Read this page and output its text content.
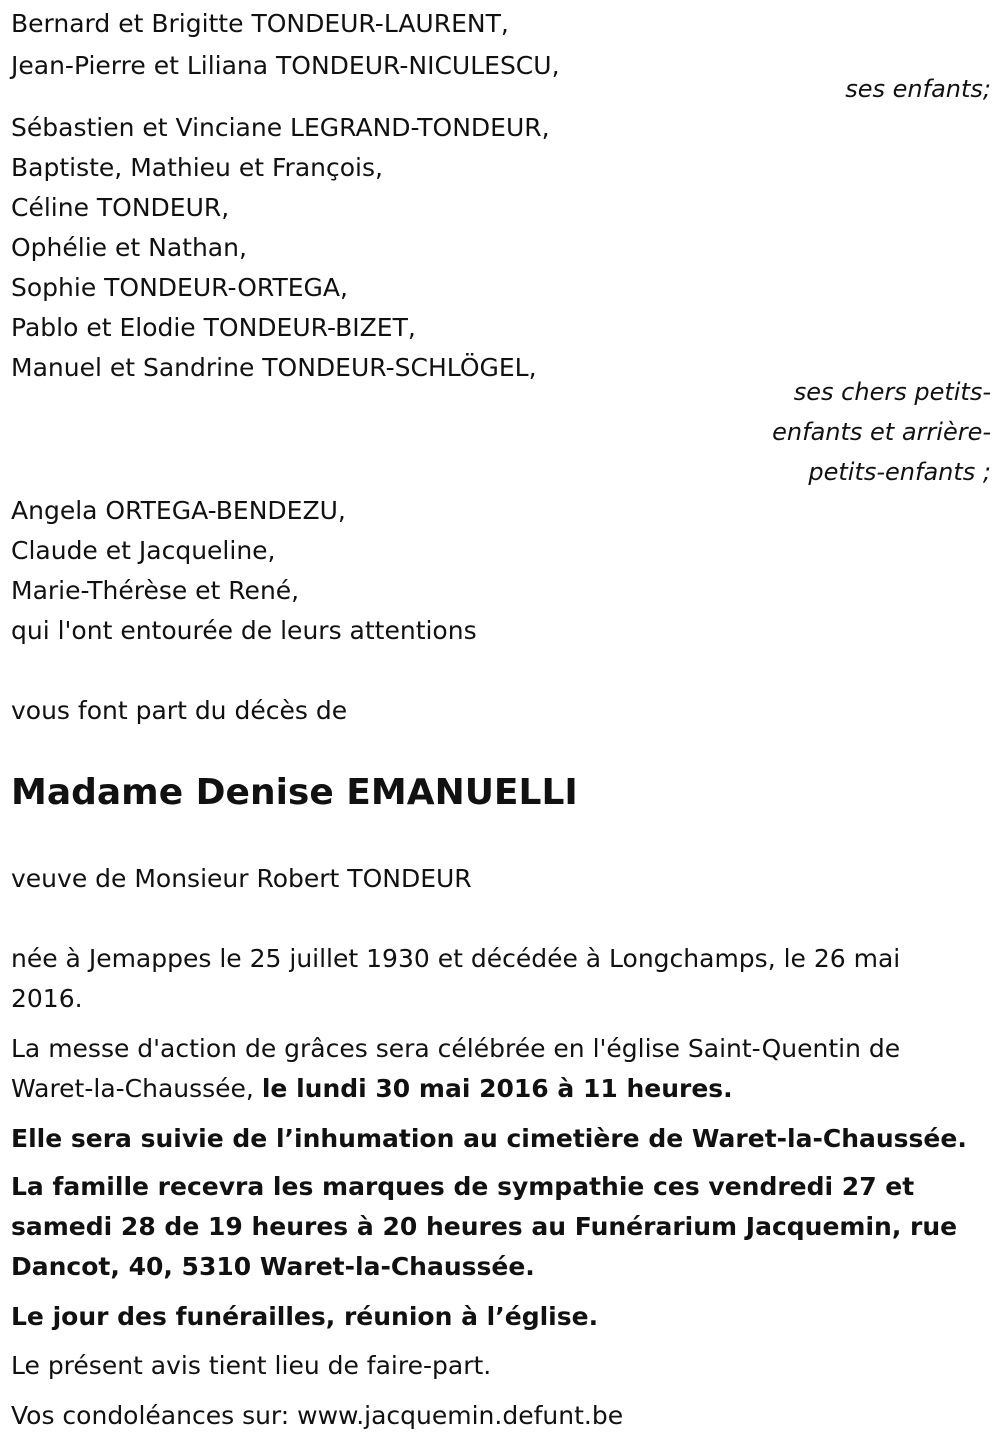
Bernard et Brigitte TONDEUR-LAURENT,
Jean-Pierre et Liliana TONDEUR-NICULESCU,
ses enfants;
Sébastien et Vinciane LEGRAND-TONDEUR,
Baptiste, Mathieu et François,
Céline TONDEUR,
Ophélie et Nathan,
Sophie TONDEUR-ORTEGA,
Pablo et Elodie TONDEUR-BIZET,
Manuel et Sandrine TONDEUR-SCHLÖGEL,
ses chers petits-
enfants et arrière-
petits-enfants ;
Angela ORTEGA-BENDEZU,
Claude et Jacqueline,
Marie-Thérèse et René,
qui l'ont entourée de leurs attentions
vous font part du décès de
Madame Denise EMANUELLI
veuve de Monsieur Robert TONDEUR
née à Jemappes le 25 juillet 1930 et décédée à Longchamps, le 26 mai
2016.
La messe d'action de grâces sera célébrée en l'église Saint-Quentin de
Waret-la-Chaussée, le lundi 30 mai 2016 à 11 heures.
Elle sera suivie de l’inhumation au cimetière de Waret-la-Chaussée.
La famille recevra les marques de sympathie ces vendredi 27 et
samedi 28 de 19 heures à 20 heures au Funérarium Jacquemin, rue
Dancot, 40, 5310 Waret-la-Chaussée.
Le jour des funérailles, réunion à l’église.
Le présent avis tient lieu de faire-part.
Vos condoléances sur: www.jacquemin.defunt.be
